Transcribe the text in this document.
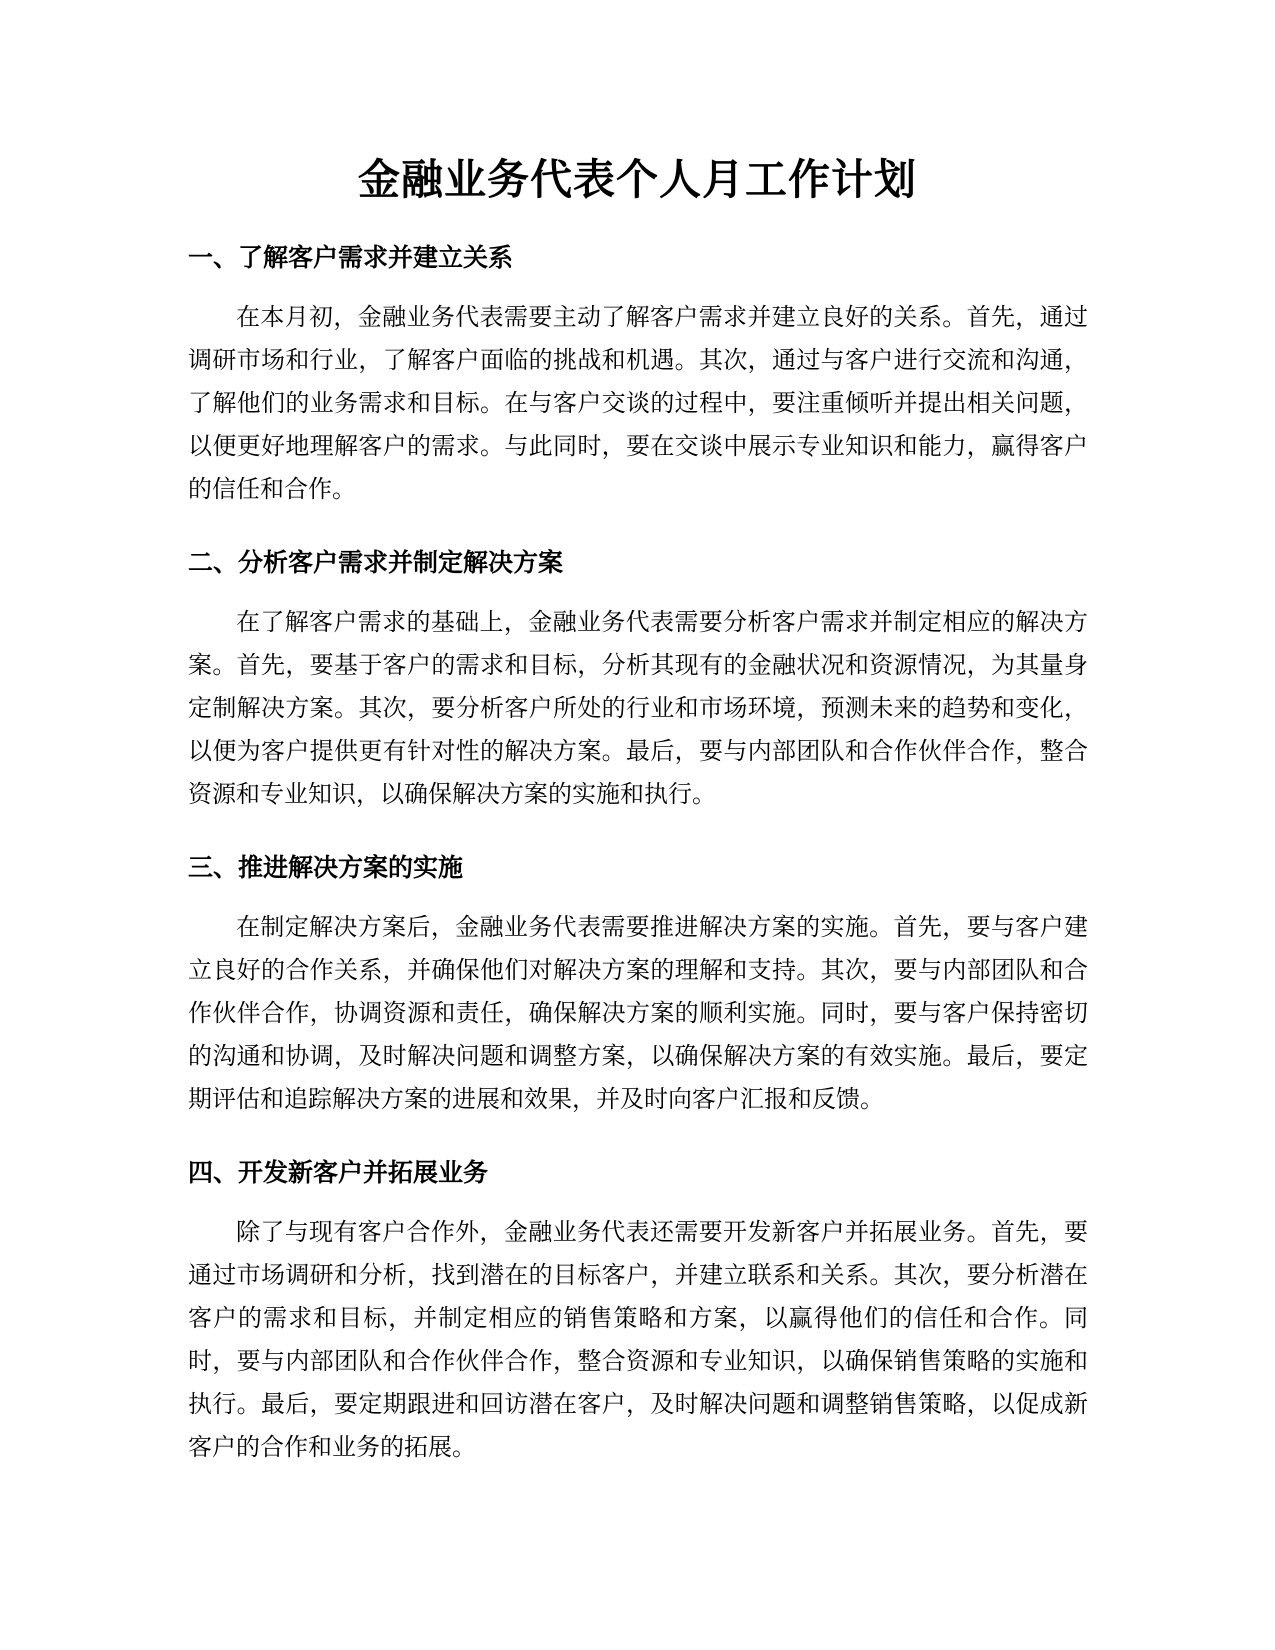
金融业务代表个人月工作计划
一、了解客户需求并建立关系

在本月初，金融业务代表需要主动了解客户需求并建立良好的关系。首先，通过调研市场和行业，了解客户面临的挑战和机遇。其次，通过与客户进行交流和沟通，了解他们的业务需求和目标。在与客户交谈的过程中，要注重倾听并提出相关问题，以便更好地理解客户的需求。与此同时，要在交谈中展示专业知识和能力，赢得客户的信任和合作。

二、分析客户需求并制定解决方案

在了解客户需求的基础上，金融业务代表需要分析客户需求并制定相应的解决方案。首先，要基于客户的需求和目标，分析其现有的金融状况和资源情况，为其量身定制解决方案。其次，要分析客户所处的行业和市场环境，预测未来的趋势和变化，以便为客户提供更有针对性的解决方案。最后，要与内部团队和合作伙伴合作，整合资源和专业知识，以确保解决方案的实施和执行。

三、推进解决方案的实施

在制定解决方案后，金融业务代表需要推进解决方案的实施。首先，要与客户建立良好的合作关系，并确保他们对解决方案的理解和支持。其次，要与内部团队和合作伙伴合作，协调资源和责任，确保解决方案的顺利实施。同时，要与客户保持密切的沟通和协调，及时解决问题和调整方案，以确保解决方案的有效实施。最后，要定期评估和追踪解决方案的进展和效果，并及时向客户汇报和反馈。

四、开发新客户并拓展业务

除了与现有客户合作外，金融业务代表还需要开发新客户并拓展业务。首先，要通过市场调研和分析，找到潜在的目标客户，并建立联系和关系。其次，要分析潜在客户的需求和目标，并制定相应的销售策略和方案，以赢得他们的信任和合作。同时，要与内部团队和合作伙伴合作，整合资源和专业知识，以确保销售策略的实施和执行。最后，要定期跟进和回访潜在客户，及时解决问题和调整销售策略，以促成新客户的合作和业务的拓展。
